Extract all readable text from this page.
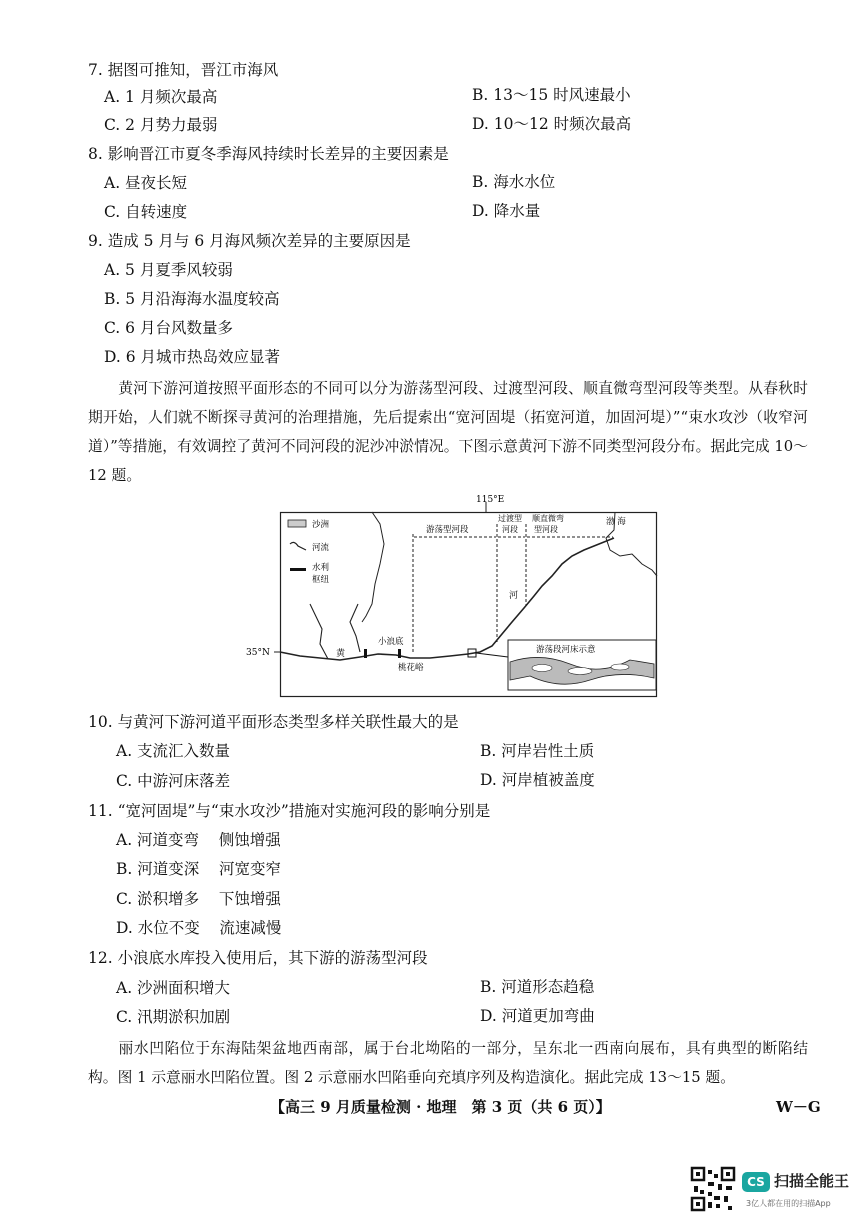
7. 据图可推知，晋江市海风
A. 1 月频次最高	B. 13～15 时风速最小
C. 2 月势力最弱	D. 10～12 时频次最高
8. 影响晋江市夏冬季海风持续时长差异的主要因素是
A. 昼夜长短	B. 海水水位
C. 自转速度	D. 降水量
9. 造成 5 月与 6 月海风频次差异的主要原因是
A. 5 月夏季风较弱
B. 5 月沿海海水温度较高
C. 6 月台风数量多
D. 6 月城市热岛效应显著
黄河下游河道按照平面形态的不同可以分为游荡型河段、过渡型河段、顺直微弯型河段等类型。从春秋时期开始，人们就不断探寻黄河的治理措施，先后提索出“宽河固堤（拓宽河道，加固河堤）”“束水攻沙（收窄河道）”等措施，有效调控了黄河不同河段的泥沙冲淤情况。下图示意黄河下游不同类型河段分布。据此完成 10～12 题。
沙洲
河流
水利
枢纽
115°E
35°N
游荡型河段
过渡型
河段
顺直微弯
型河段
渤 海
河
黄
小浪底
桃花峪
游荡段河床示意
10. 与黄河下游河道平面形态类型多样关联性最大的是
A. 支流汇入数量	B. 河岸岩性土质
C. 中游河床落差	D. 河岸植被盖度
11. “宽河固堤”与“束水攻沙”措施对实施河段的影响分别是
A. 河道变弯    侧蚀增强
B. 河道变深    河宽变窄
C. 淤积增多    下蚀增强
D. 水位不变    流速减慢
12. 小浪底水库投入使用后，其下游的游荡型河段
A. 沙洲面积增大	B. 河道形态趋稳
C. 汛期淤积加剧	D. 河道更加弯曲
丽水凹陷位于东海陆架盆地西南部，属于台北坳陷的一部分，呈东北一西南向展布，具有典型的断陷结构。图 1 示意丽水凹陷位置。图 2 示意丽水凹陷垂向充填序列及构造演化。据此完成 13～15 题。
【高三 9 月质量检测 · 地理　第 3 页（共 6 页）】	W－G
CS 扫描全能王
3亿人都在用的扫描App
